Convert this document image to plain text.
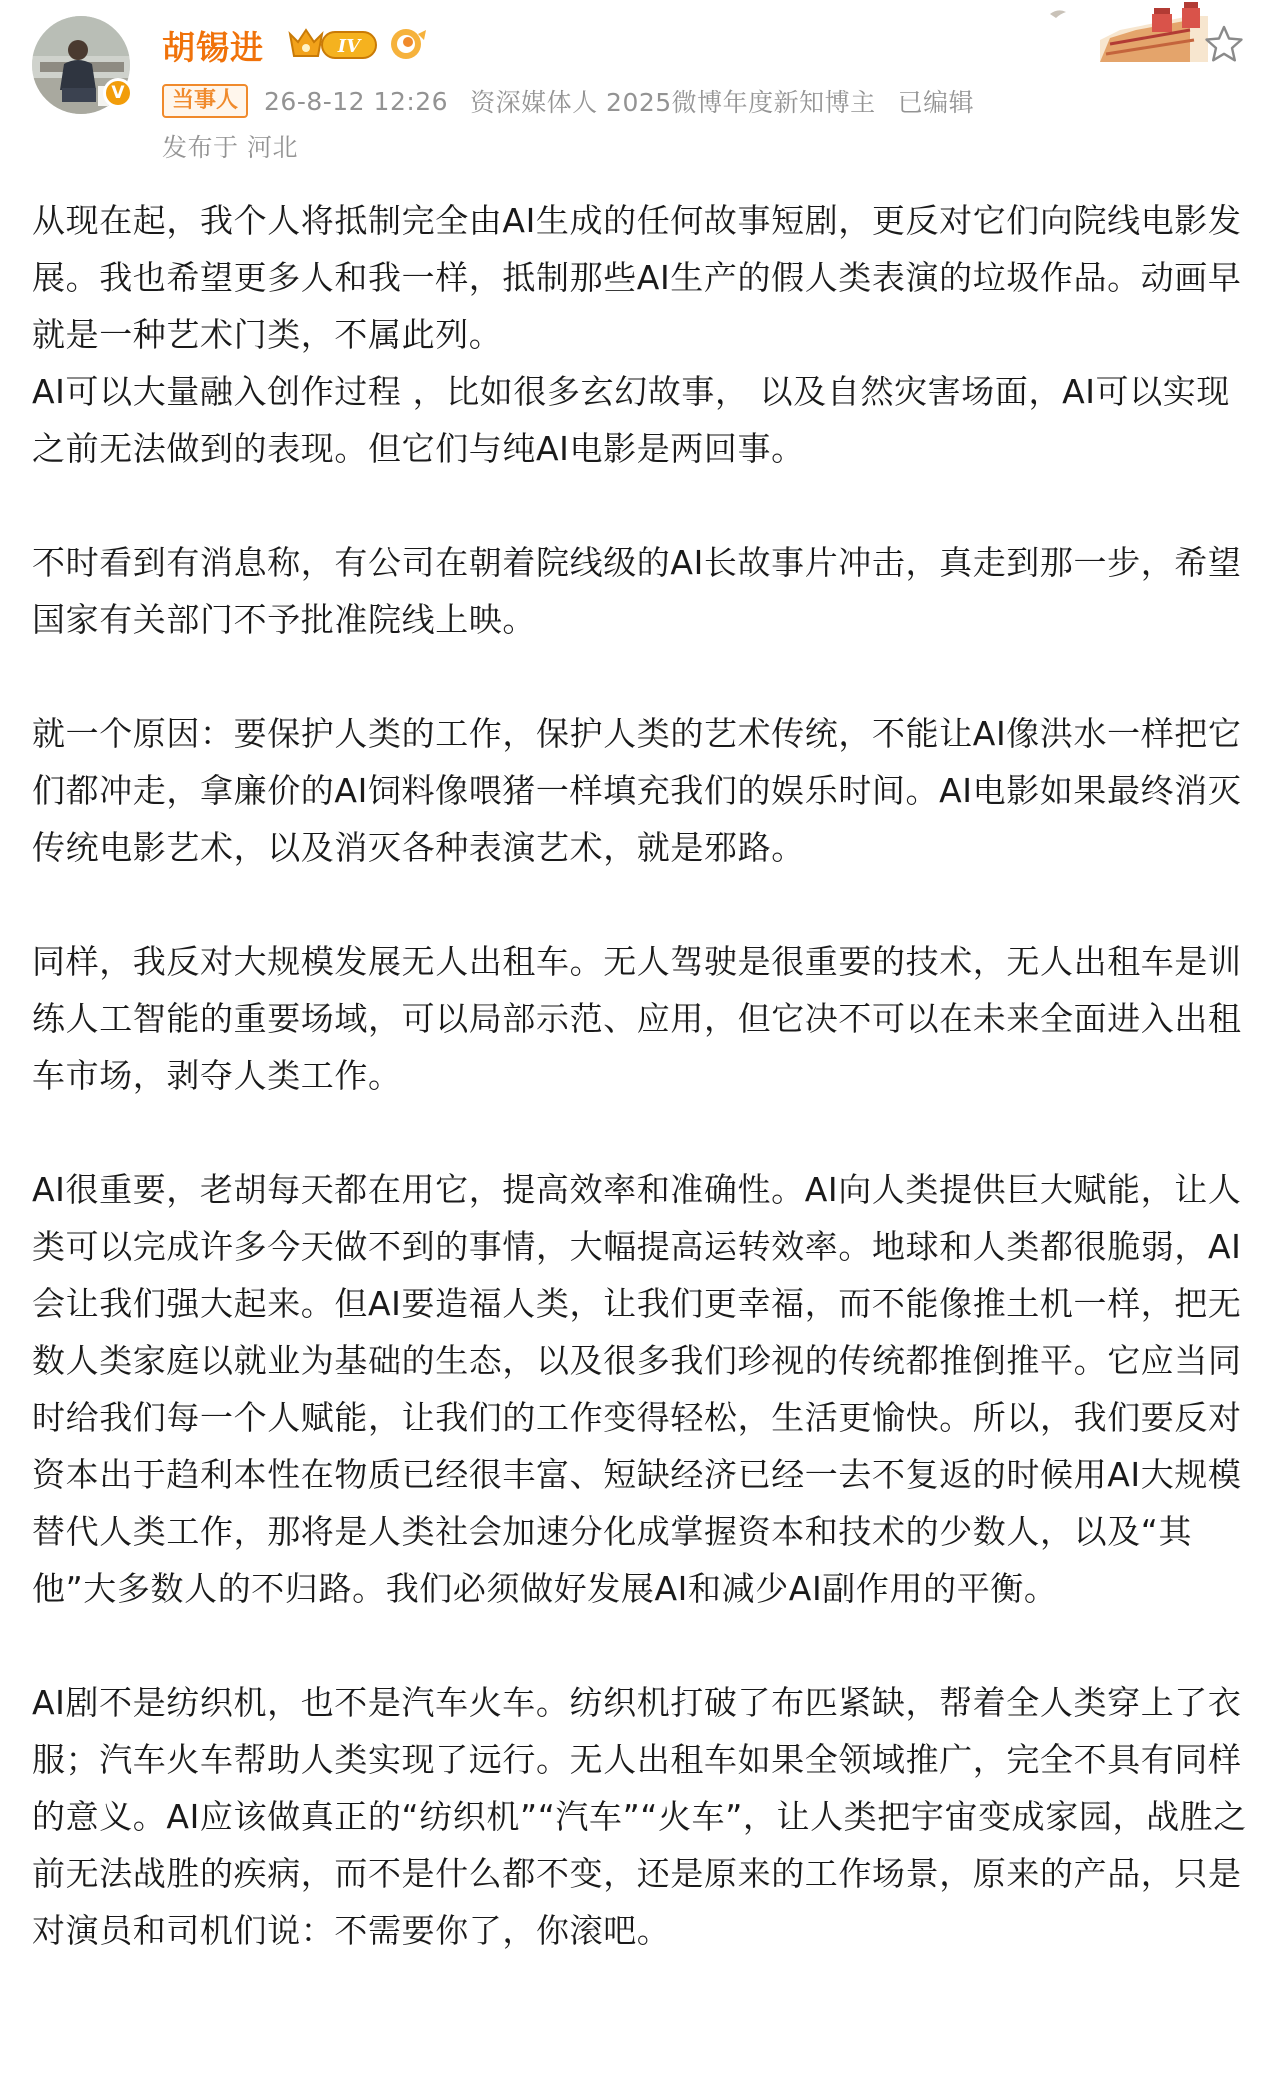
V
胡锡进	IV
当事人	26-8-12 12:26 资深媒体人 2025微博年度新知博主 已编辑
发布于 河北

从现在起，我个人将抵制完全由AI生成的任何故事短剧，更反对它们向院线电影发展。我也希望更多人和我一样，抵制那些AI生产的假人类表演的垃圾作品。动画早就是一种艺术门类，不属此列。

AI可以大量融入创作过程 ，比如很多玄幻故事， 以及自然灾害场面，AI可以实现之前无法做到的表现。但它们与纯AI电影是两回事。

不时看到有消息称，有公司在朝着院线级的AI长故事片冲击，真走到那一步，希望国家有关部门不予批准院线上映。

就一个原因：要保护人类的工作，保护人类的艺术传统，不能让AI像洪水一样把它们都冲走，拿廉价的AI饲料像喂猪一样填充我们的娱乐时间。AI电影如果最终消灭传统电影艺术，以及消灭各种表演艺术，就是邪路。

同样，我反对大规模发展无人出租车。无人驾驶是很重要的技术，无人出租车是训练人工智能的重要场域，可以局部示范、应用，但它决不可以在未来全面进入出租车市场，剥夺人类工作。

AI很重要，老胡每天都在用它，提高效率和准确性。AI向人类提供巨大赋能，让人类可以完成许多今天做不到的事情，大幅提高运转效率。地球和人类都很脆弱，AI会让我们强大起来。但AI要造福人类，让我们更幸福，而不能像推土机一样，把无数人类家庭以就业为基础的生态，以及很多我们珍视的传统都推倒推平。它应当同时给我们每一个人赋能，让我们的工作变得轻松，生活更愉快。所以，我们要反对资本出于趋利本性在物质已经很丰富、短缺经济已经一去不复返的时候用AI大规模替代人类工作，那将是人类社会加速分化成掌握资本和技术的少数人，以及“其他”大多数人的不归路。我们必须做好发展AI和减少AI副作用的平衡。

AI剧不是纺织机，也不是汽车火车。纺织机打破了布匹紧缺，帮着全人类穿上了衣服；汽车火车帮助人类实现了远行。无人出租车如果全领域推广，完全不具有同样的意义。AI应该做真正的“纺织机”“汽车”“火车”，让人类把宇宙变成家园，战胜之前无法战胜的疾病，而不是什么都不变，还是原来的工作场景，原来的产品，只是对演员和司机们说：不需要你了，你滚吧。
